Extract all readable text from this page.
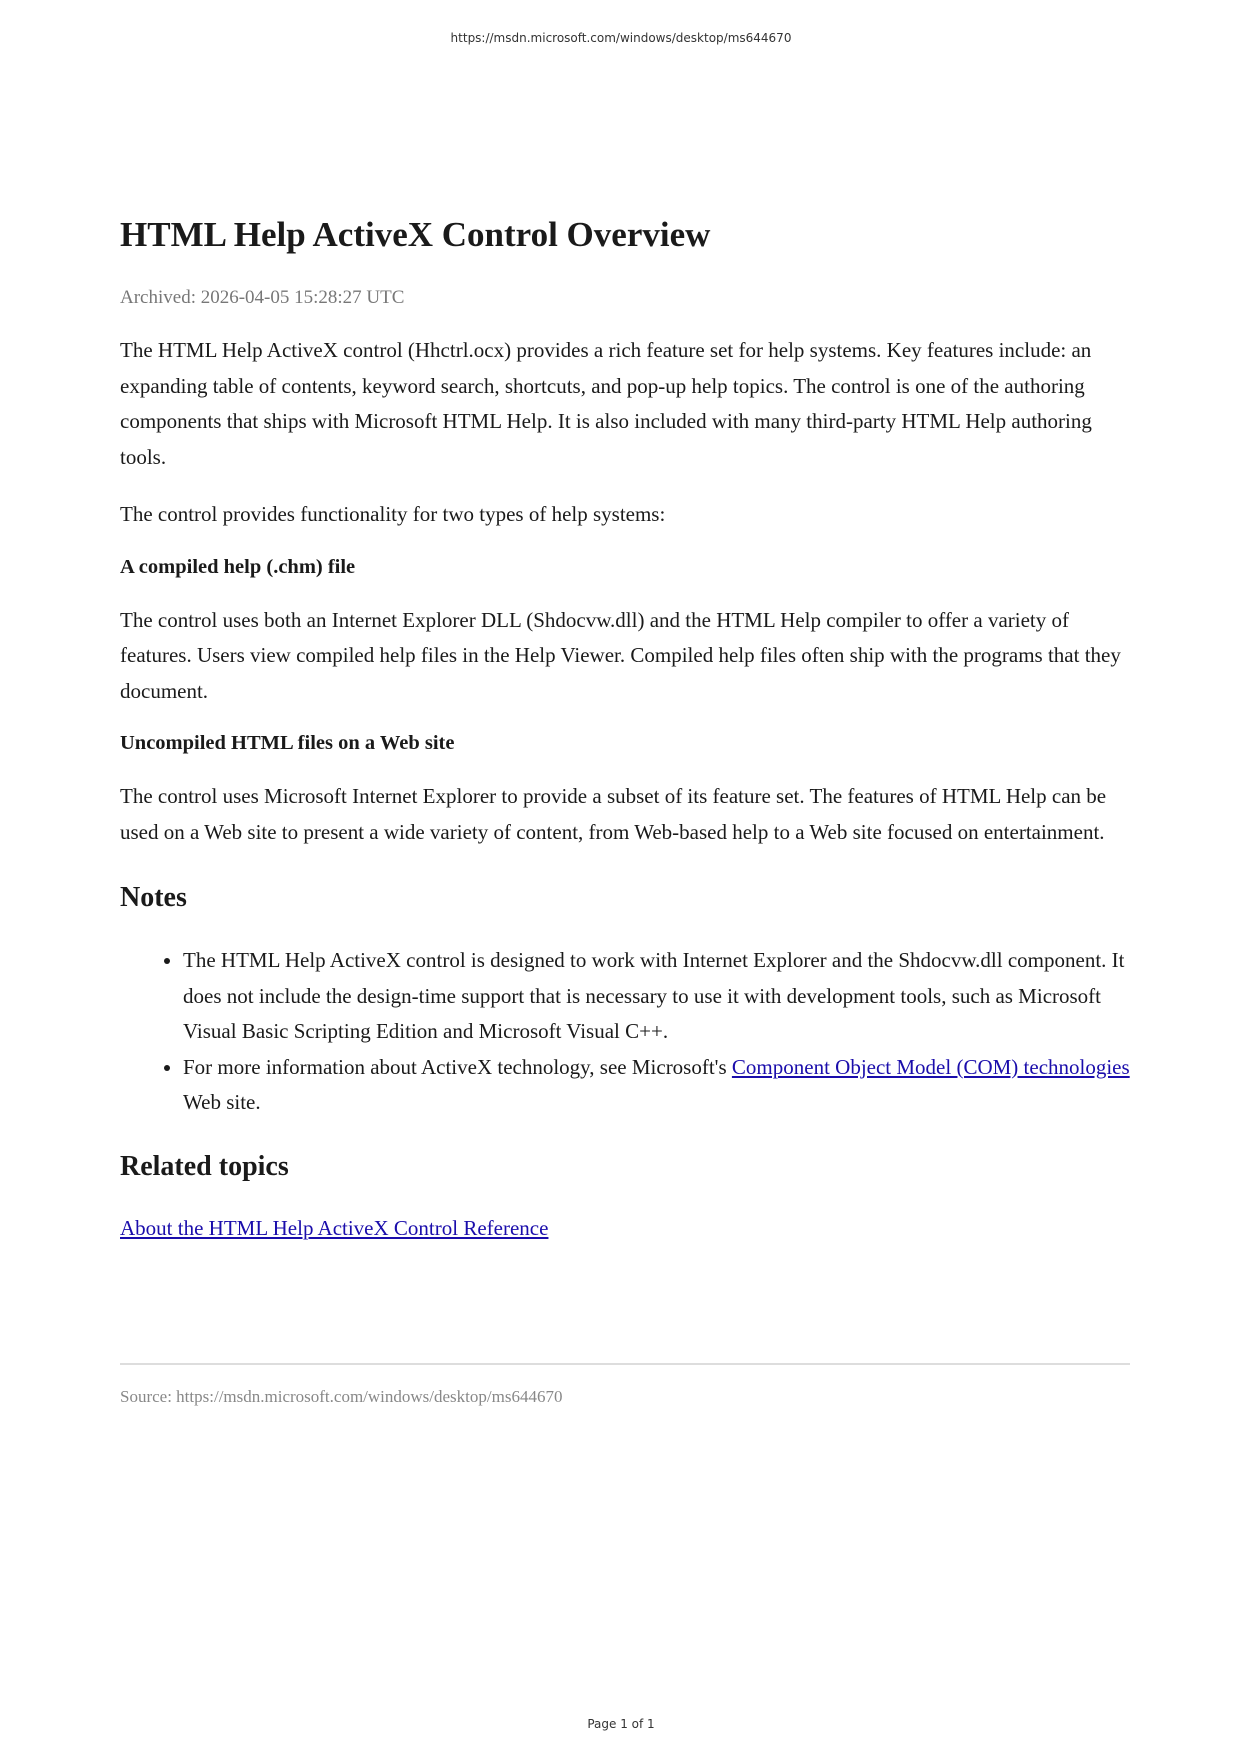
https://msdn.microsoft.com/windows/desktop/ms644670
HTML Help ActiveX Control Overview
Archived: 2026-04-05 15:28:27 UTC

The HTML Help ActiveX control (Hhctrl.ocx) provides a rich feature set for help systems. Key features include: an expanding table of contents, keyword search, shortcuts, and pop-up help topics. The control is one of the authoring components that ships with Microsoft HTML Help. It is also included with many third-party HTML Help authoring tools.

The control provides functionality for two types of help systems:

A compiled help (.chm) file

The control uses both an Internet Explorer DLL (Shdocvw.dll) and the HTML Help compiler to offer a variety of features. Users view compiled help files in the Help Viewer. Compiled help files often ship with the programs that they document.

Uncompiled HTML files on a Web site

The control uses Microsoft Internet Explorer to provide a subset of its feature set. The features of HTML Help can be used on a Web site to present a wide variety of content, from Web-based help to a Web site focused on entertainment.

Notes
• The HTML Help ActiveX control is designed to work with Internet Explorer and the Shdocvw.dll component. It does not include the design-time support that is necessary to use it with development tools, such as Microsoft Visual Basic Scripting Edition and Microsoft Visual C++.
• For more information about ActiveX technology, see Microsoft's Component Object Model (COM) technologies Web site.
Related topics
About the HTML Help ActiveX Control Reference
Source: https://msdn.microsoft.com/windows/desktop/ms644670
Page 1 of 1
